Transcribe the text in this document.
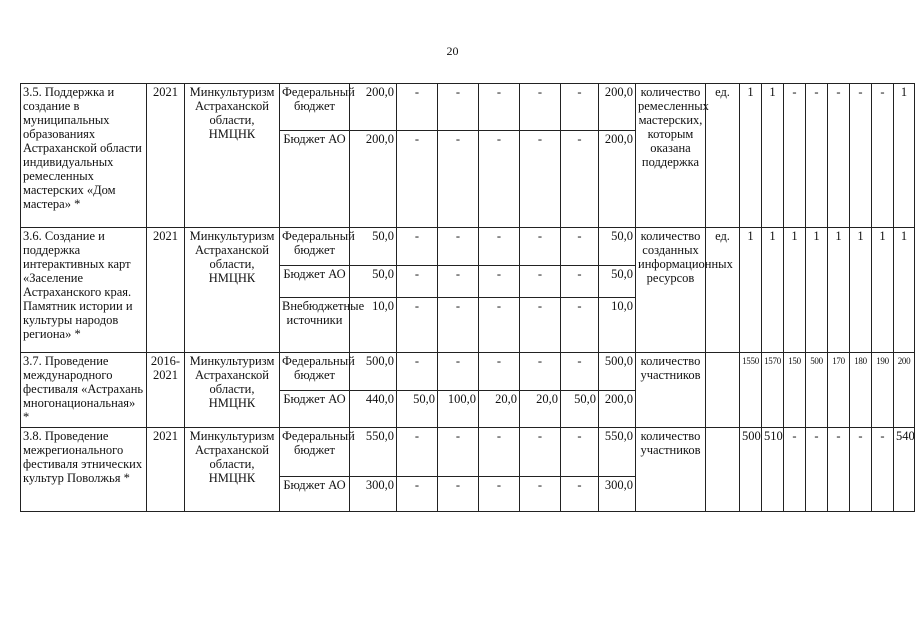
20
3.5. Поддержка и создание в муниципальных образованиях Астраханской области индивидуальных ремесленных мастерских «Дом мастера» *	2021	Минкультуризм Астраханской области, НМЦНК	Федеральный бюджет	200,0	-	-	-	-	-	200,0	количество ремесленных мастерских, которым оказана поддержка	ед.	1	1	-	-	-	-	-	1
			Бюджет АО	200,0	-	-	-	-	-	200,0										
3.6. Создание и поддержка интерактивных карт «Заселение Астраханского края. Памятник истории и культуры народов региона» *	2021	Минкультуризм Астраханской области, НМЦНК	Федеральный бюджет	50,0	-	-	-	-	-	50,0	количество созданных информационных ресурсов	ед.	1	1	1	1	1	1	1	1
			Бюджет АО	50,0	-	-	-	-	-	50,0										
			Внебюджетные источники	10,0	-	-	-	-	-	10,0										
3.7. Проведение международного фестиваля «Астрахань многонациональная» *	2016-2021	Минкультуризм Астраханской области, НМЦНК	Федеральный бюджет	500,0	-	-	-	-	-	500,0	количество участников		1550	1570	150	500	170	180	190	200
			Бюджет АО	440,0	50,0	100,0	20,0	20,0	50,0	200,0										
3.8. Проведение межрегионального фестиваля этнических культур Поволжья *	2021	Минкультуризм Астраханской области, НМЦНК	Федеральный бюджет	550,0	-	-	-	-	-	550,0	количество участников		500	510	-	-	-	-	-	540
			Бюджет АО	300,0	-	-	-	-	-	300,0										
